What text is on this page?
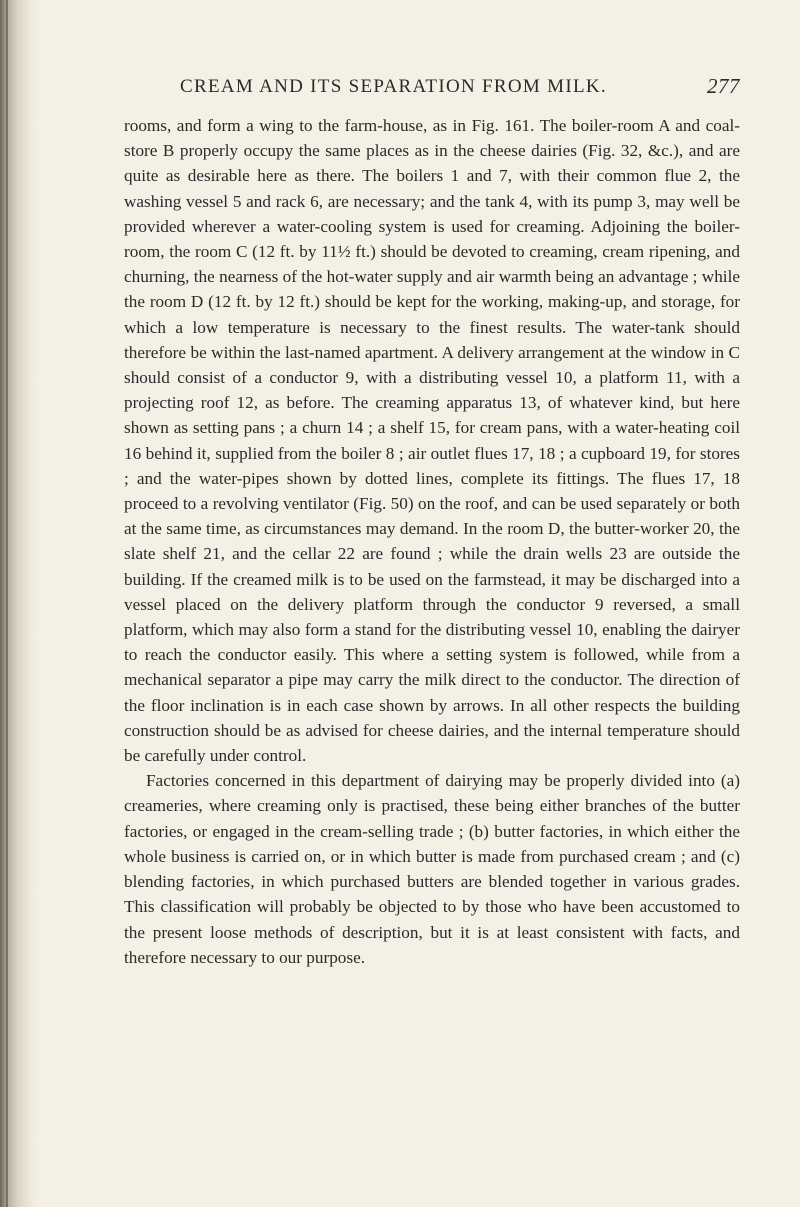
CREAM AND ITS SEPARATION FROM MILK.	277

rooms, and form a wing to the farm-house, as in Fig. 161. The boiler-room A and coal-store B properly occupy the same places as in the cheese dairies (Fig. 32, &c.), and are quite as desirable here as there. The boilers 1 and 7, with their common flue 2, the washing vessel 5 and rack 6, are necessary; and the tank 4, with its pump 3, may well be provided wherever a water-cooling system is used for creaming. Adjoining the boiler-room, the room C (12 ft. by 11½ ft.) should be devoted to creaming, cream ripening, and churning, the nearness of the hot-water supply and air warmth being an advantage ; while the room D (12 ft. by 12 ft.) should be kept for the working, making-up, and storage, for which a low temperature is necessary to the finest results. The water-tank should therefore be within the last-named apartment. A delivery arrangement at the window in C should consist of a conductor 9, with a distributing vessel 10, a platform 11, with a projecting roof 12, as before. The creaming apparatus 13, of whatever kind, but here shown as setting pans ; a churn 14 ; a shelf 15, for cream pans, with a water-heating coil 16 behind it, supplied from the boiler 8 ; air outlet flues 17, 18 ; a cupboard 19, for stores ; and the water-pipes shown by dotted lines, complete its fittings. The flues 17, 18 proceed to a revolving ventilator (Fig. 50) on the roof, and can be used separately or both at the same time, as circumstances may demand. In the room D, the butter-worker 20, the slate shelf 21, and the cellar 22 are found ; while the drain wells 23 are outside the building. If the creamed milk is to be used on the farmstead, it may be discharged into a vessel placed on the delivery platform through the conductor 9 reversed, a small platform, which may also form a stand for the distributing vessel 10, enabling the dairyer to reach the conductor easily. This where a setting system is followed, while from a mechanical separator a pipe may carry the milk direct to the conductor. The direction of the floor inclination is in each case shown by arrows. In all other respects the building construction should be as advised for cheese dairies, and the internal temperature should be carefully under control.

Factories concerned in this department of dairying may be properly divided into (a) creameries, where creaming only is practised, these being either branches of the butter factories, or engaged in the cream-selling trade ; (b) butter factories, in which either the whole business is carried on, or in which butter is made from purchased cream ; and (c) blending factories, in which purchased butters are blended together in various grades. This classification will probably be objected to by those who have been accustomed to the present loose methods of description, but it is at least consistent with facts, and therefore necessary to our purpose.
